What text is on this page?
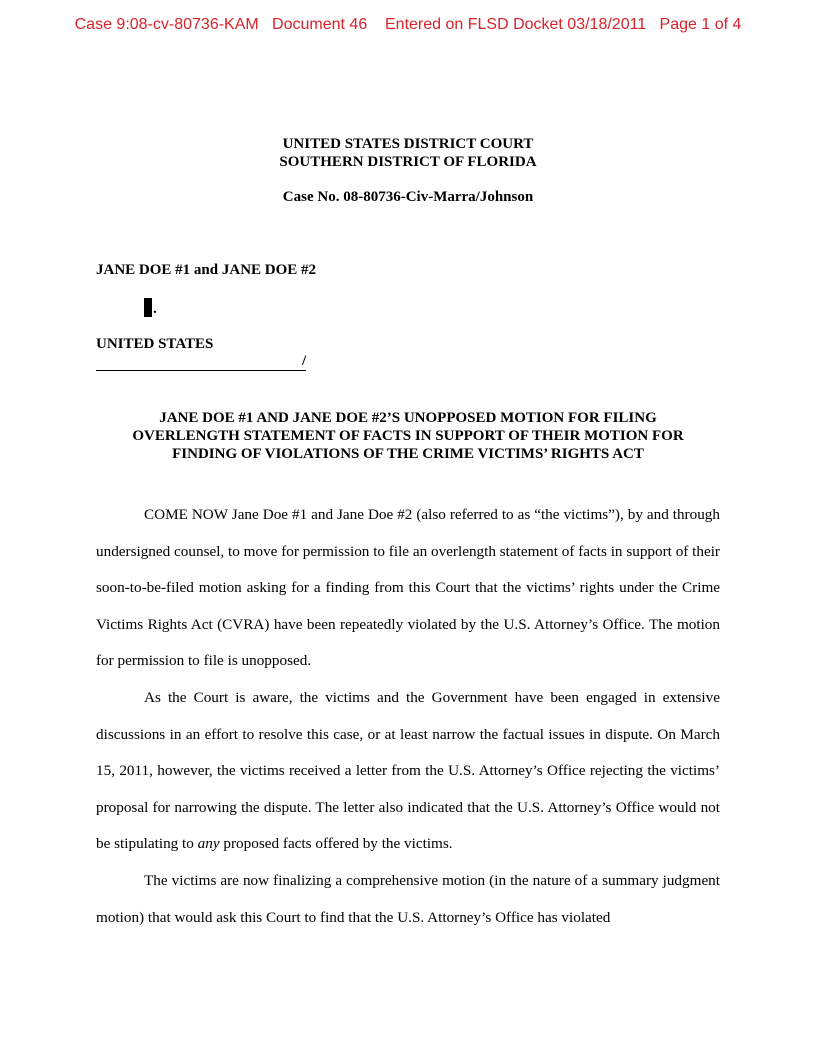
Case 9:08-cv-80736-KAM   Document 46    Entered on FLSD Docket 03/18/2011   Page 1 of 4
UNITED STATES DISTRICT COURT
SOUTHERN DISTRICT OF FLORIDA
Case No. 08-80736-Civ-Marra/Johnson
JANE DOE #1 and JANE DOE #2
.
UNITED STATES
/
JANE DOE #1 AND JANE DOE #2’S UNOPPOSED MOTION FOR FILING
OVERLENGTH STATEMENT OF FACTS IN SUPPORT OF THEIR MOTION FOR
FINDING OF VIOLATIONS OF THE CRIME VICTIMS’ RIGHTS ACT

COME NOW Jane Doe #1 and Jane Doe #2 (also referred to as “the victims”), by and through undersigned counsel, to move for permission to file an overlength statement of facts in support of their soon-to-be-filed motion asking for a finding from this Court that the victims’ rights under the Crime Victims Rights Act (CVRA) have been repeatedly violated by the U.S. Attorney’s Office. The motion for permission to file is unopposed.

As the Court is aware, the victims and the Government have been engaged in extensive discussions in an effort to resolve this case, or at least narrow the factual issues in dispute. On March 15, 2011, however, the victims received a letter from the U.S. Attorney’s Office rejecting the victims’ proposal for narrowing the dispute. The letter also indicated that the U.S. Attorney’s Office would not be stipulating to any proposed facts offered by the victims.

The victims are now finalizing a comprehensive motion (in the nature of a summary judgment motion) that would ask this Court to find that the U.S. Attorney’s Office has violated
